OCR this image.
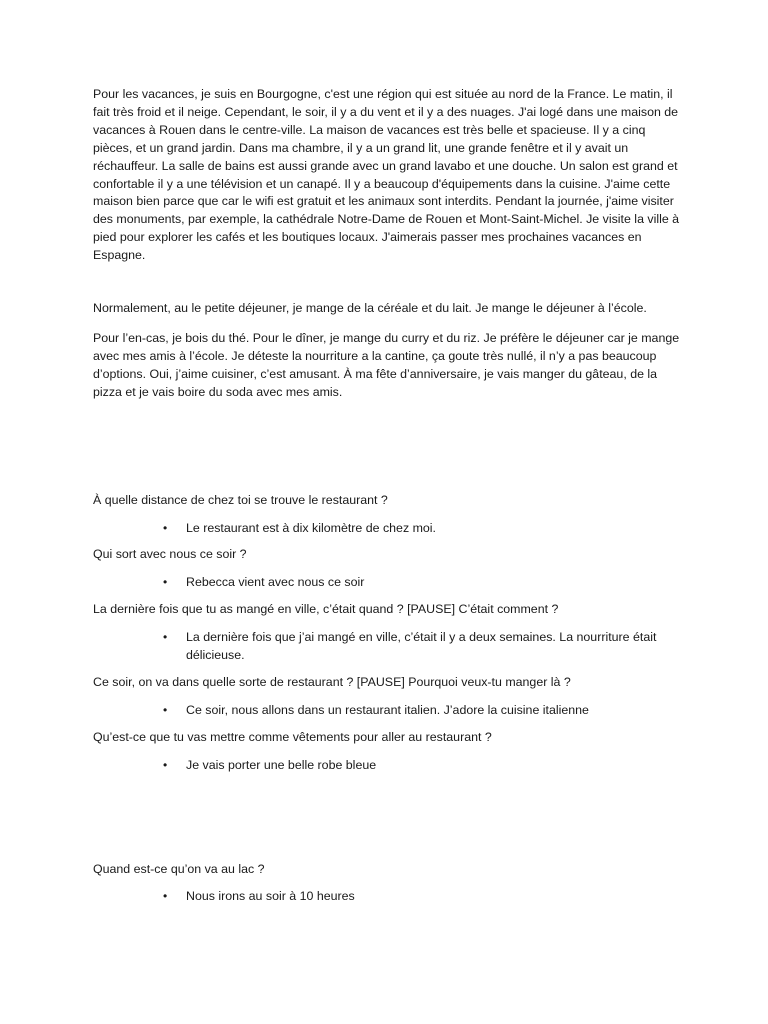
Pour les vacances, je suis en Bourgogne, c'est une région qui est située au nord de la France. Le matin, il fait très froid et il neige. Cependant, le soir, il y a du vent et il y a des nuages. J'ai logé dans une maison de vacances à Rouen dans le centre-ville. La maison de vacances est très belle et spacieuse. Il y a cinq pièces, et un grand jardin. Dans ma chambre, il y a un grand lit, une grande fenêtre et il y avait un réchauffeur. La salle de bains est aussi grande avec un grand lavabo et une douche. Un salon est grand et confortable il y a une télévision et un canapé. Il y a beaucoup d'équipements dans la cuisine. J'aime cette maison bien parce que car le wifi est gratuit et les animaux sont interdits. Pendant la journée, j'aime visiter des monuments, par exemple, la cathédrale Notre-Dame de Rouen et Mont-Saint-Michel. Je visite la ville à pied pour explorer les cafés et les boutiques locaux. J'aimerais passer mes prochaines vacances en Espagne.

Normalement, au le petite déjeuner, je mange de la céréale et du lait. Je mange le déjeuner à l’école.

Pour l’en-cas, je bois du thé. Pour le dîner, je mange du curry et du riz. Je préfère le déjeuner car je mange avec mes amis à l’école. Je déteste la nourriture a la cantine, ça goute très nullé, il n’y a pas beaucoup d’options. Oui, j’aime cuisiner, c’est amusant. À ma fête d’anniversaire, je vais manger du gâteau, de la pizza et je vais boire du soda avec mes amis.

À quelle distance de chez toi se trouve le restaurant ?

• Le restaurant est à dix kilomètre de chez moi.

Qui sort avec nous ce soir ?

• Rebecca vient avec nous ce soir

La dernière fois que tu as mangé en ville, c’était quand ? [PAUSE] C’était comment ?

• La dernière fois que j’ai mangé en ville, c’était il y a deux semaines. La nourriture était délicieuse.

Ce soir, on va dans quelle sorte de restaurant ? [PAUSE] Pourquoi veux-tu manger là ?

• Ce soir, nous allons dans un restaurant italien. J’adore la cuisine italienne

Qu’est-ce que tu vas mettre comme vêtements pour aller au restaurant ?

• Je vais porter une belle robe bleue

Quand est-ce qu’on va au lac ?

• Nous irons au soir à 10 heures
